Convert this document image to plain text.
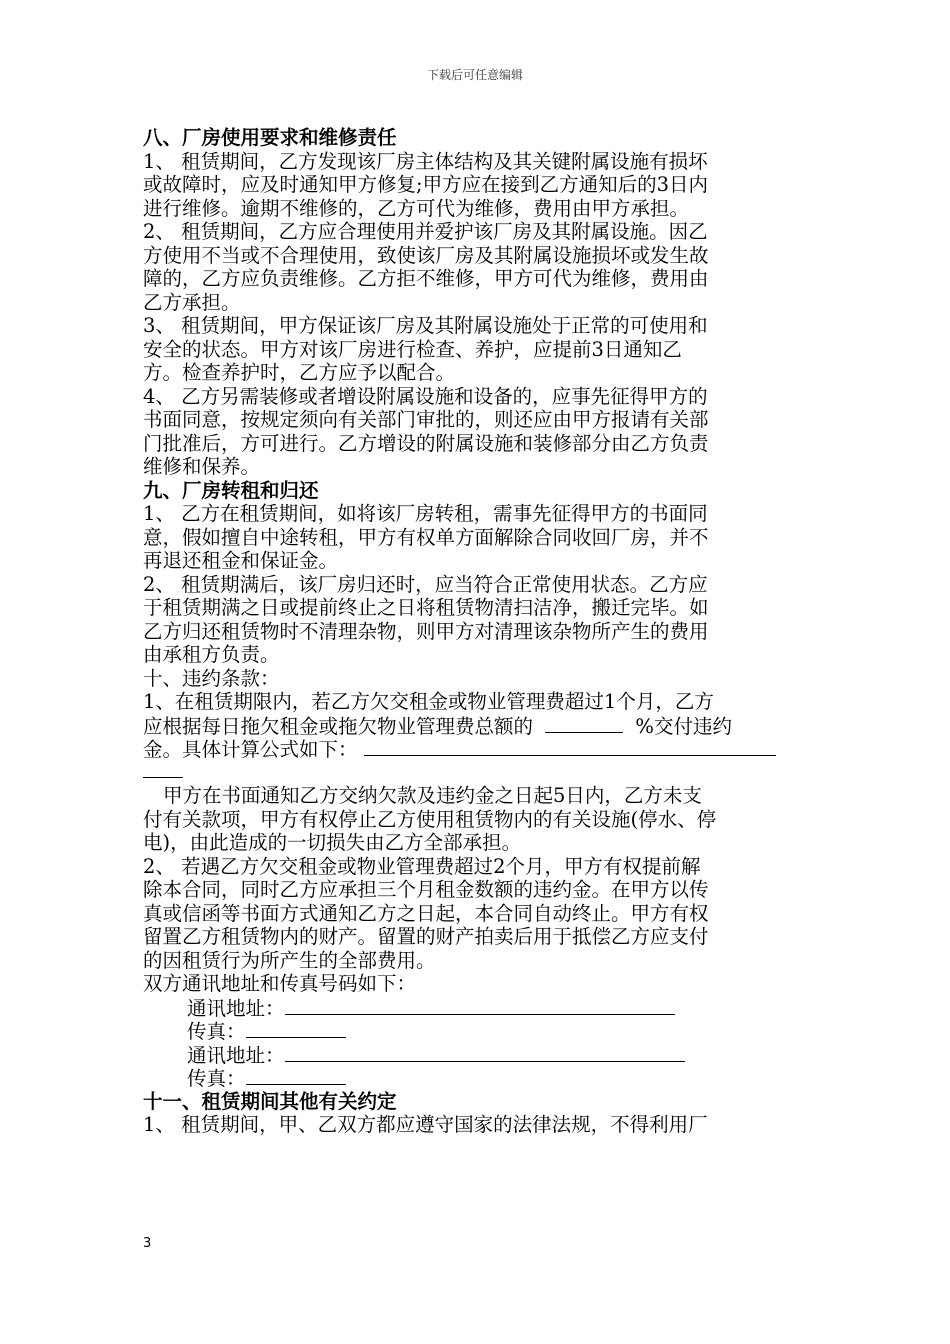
下载后可任意编辑
八、厂房使用要求和维修责任
1、 租赁期间，乙方发现该厂房主体结构及其关键附属设施有损坏
或故障时，应及时通知甲方修复;甲方应在接到乙方通知后的3日内
进行维修。逾期不维修的，乙方可代为维修，费用由甲方承担。
2、 租赁期间，乙方应合理使用并爱护该厂房及其附属设施。因乙
方使用不当或不合理使用，致使该厂房及其附属设施损坏或发生故
障的，乙方应负责维修。乙方拒不维修，甲方可代为维修，费用由
乙方承担。
3、 租赁期间，甲方保证该厂房及其附属设施处于正常的可使用和
安全的状态。甲方对该厂房进行检查、养护，应提前3日通知乙
方。检查养护时，乙方应予以配合。
4、 乙方另需装修或者增设附属设施和设备的，应事先征得甲方的
书面同意，按规定须向有关部门审批的，则还应由甲方报请有关部
门批准后，方可进行。乙方增设的附属设施和装修部分由乙方负责
维修和保养。
九、厂房转租和归还
1、 乙方在租赁期间，如将该厂房转租，需事先征得甲方的书面同
意，假如擅自中途转租，甲方有权单方面解除合同收回厂房，并不
再退还租金和保证金。
2、 租赁期满后，该厂房归还时，应当符合正常使用状态。乙方应
于租赁期满之日或提前终止之日将租赁物清扫洁净，搬迁完毕。如
乙方归还租赁物时不清理杂物，则甲方对清理该杂物所产生的费用
由承租方负责。
十、违约条款：
1、在租赁期限内，若乙方欠交租金或物业管理费超过1个月，乙方
应根据每日拖欠租金或拖欠物业管理费总额的	%交付违约
金。具体计算公式如下：
甲方在书面通知乙方交纳欠款及违约金之日起5日内，乙方未支
付有关款项，甲方有权停止乙方使用租赁物内的有关设施(停水、停
电)，由此造成的一切损失由乙方全部承担。
2、 若遇乙方欠交租金或物业管理费超过2个月，甲方有权提前解
除本合同，同时乙方应承担三个月租金数额的违约金。在甲方以传
真或信函等书面方式通知乙方之日起，本合同自动终止。甲方有权
留置乙方租赁物内的财产。留置的财产拍卖后用于抵偿乙方应支付
的因租赁行为所产生的全部费用。
双方通讯地址和传真号码如下：
通讯地址：
传真：
通讯地址：
传真：
十一、租赁期间其他有关约定
1、 租赁期间，甲、乙双方都应遵守国家的法律法规，不得利用厂
3
